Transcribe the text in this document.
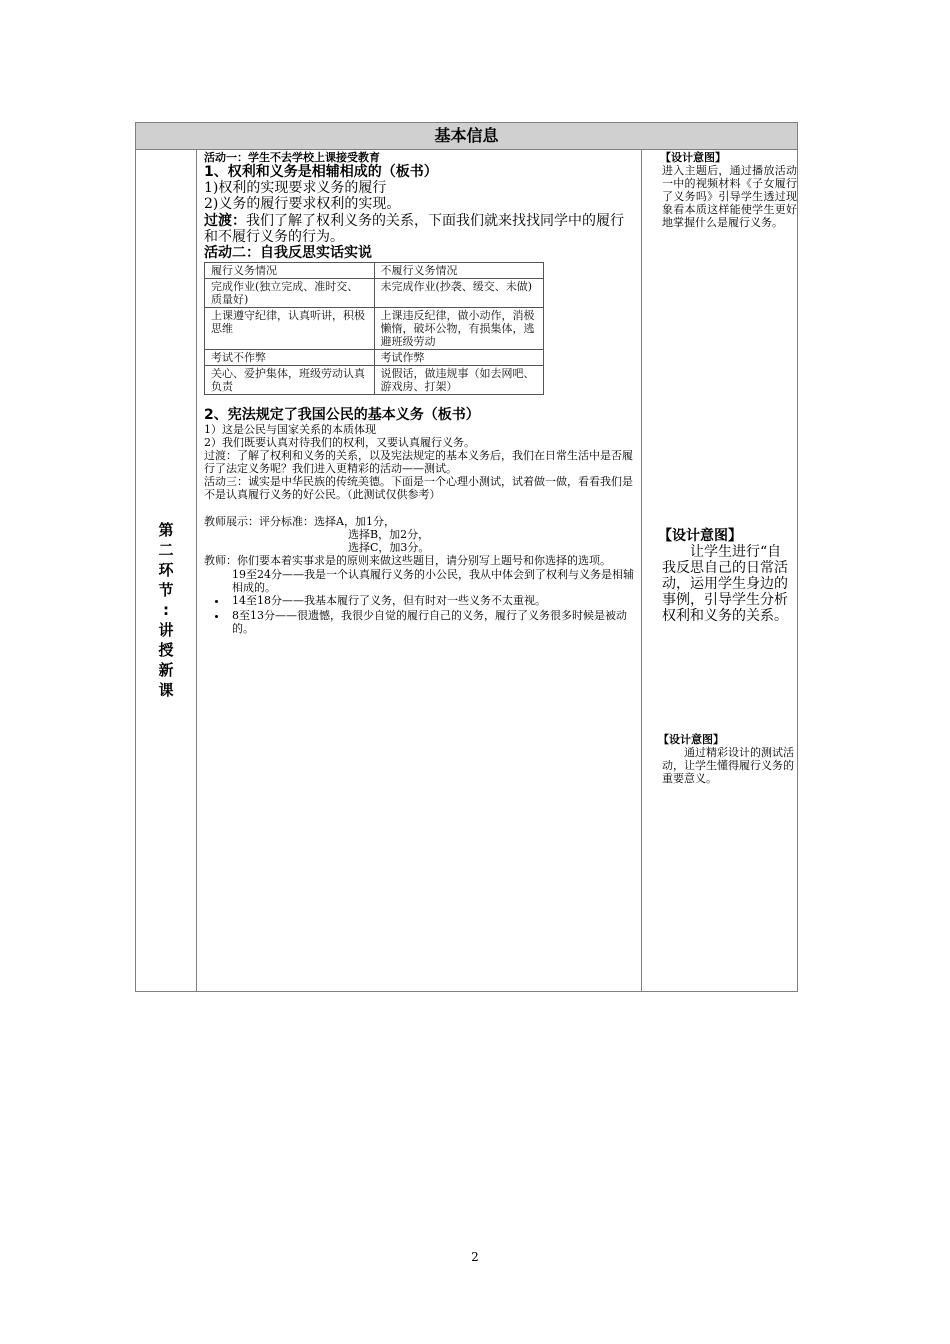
基本信息
第
二
环
节
:
讲
授
新
课
活动一：学生不去学校上课接受教育
1、权利和义务是相辅相成的（板书）
1)权利的实现要求义务的履行
2)义务的履行要求权利的实现。
过渡：我们了解了权利义务的关系，下面我们就来找找同学中的履行和不履行义务的行为。
活动二：自我反思实话实说
履行义务情况	不履行义务情况
完成作业(独立完成、准时交、质量好)	未完成作业(抄袭、缓交、未做)
上课遵守纪律，认真听讲，积极思维	上课违反纪律，做小动作，消极懒惰，破坏公物，有损集体，逃避班级劳动
考试不作弊	考试作弊
关心、爱护集体，班级劳动认真负责	说假话，做违规事（如去网吧、游戏房、打架）
2、宪法规定了我国公民的基本义务（板书）
1）这是公民与国家关系的本质体现
2）我们既要认真对待我们的权利，又要认真履行义务。
过渡：了解了权利和义务的关系，以及宪法规定的基本义务后，我们在日常生活中是否履行了法定义务呢？我们进入更精彩的活动——测试。
活动三：诚实是中华民族的传统美德。下面是一个心理小测试，试着做一做，看看我们是不是认真履行义务的好公民。（此测试仅供参考）
教师展示：评分标准：选择A，加1分，
选择B，加2分，
选择C，加3分。
教师：你们要本着实事求是的原则来做这些题目，请分别写上题号和你选择的选项。
19至24分——我是一个认真履行义务的小公民，我从中体会到了权利与义务是相辅相成的。
• 14至18分——我基本履行了义务，但有时对一些义务不太重视。
• 8至13分——很遗憾，我很少自觉的履行自己的义务，履行了义务很多时候是被动的。
【设计意图】
进入主题后，通过播放活动一中的视频材料《子女履行了义务吗》引导学生透过现象看本质这样能使学生更好地掌握什么是履行义务。
【设计意图】
让学生进行“自我反思自己的日常活动，运用学生身边的事例，引导学生分析权利和义务的关系。
【设计意图】
通过精彩设计的测试活动，让学生懂得履行义务的重要意义。
2
